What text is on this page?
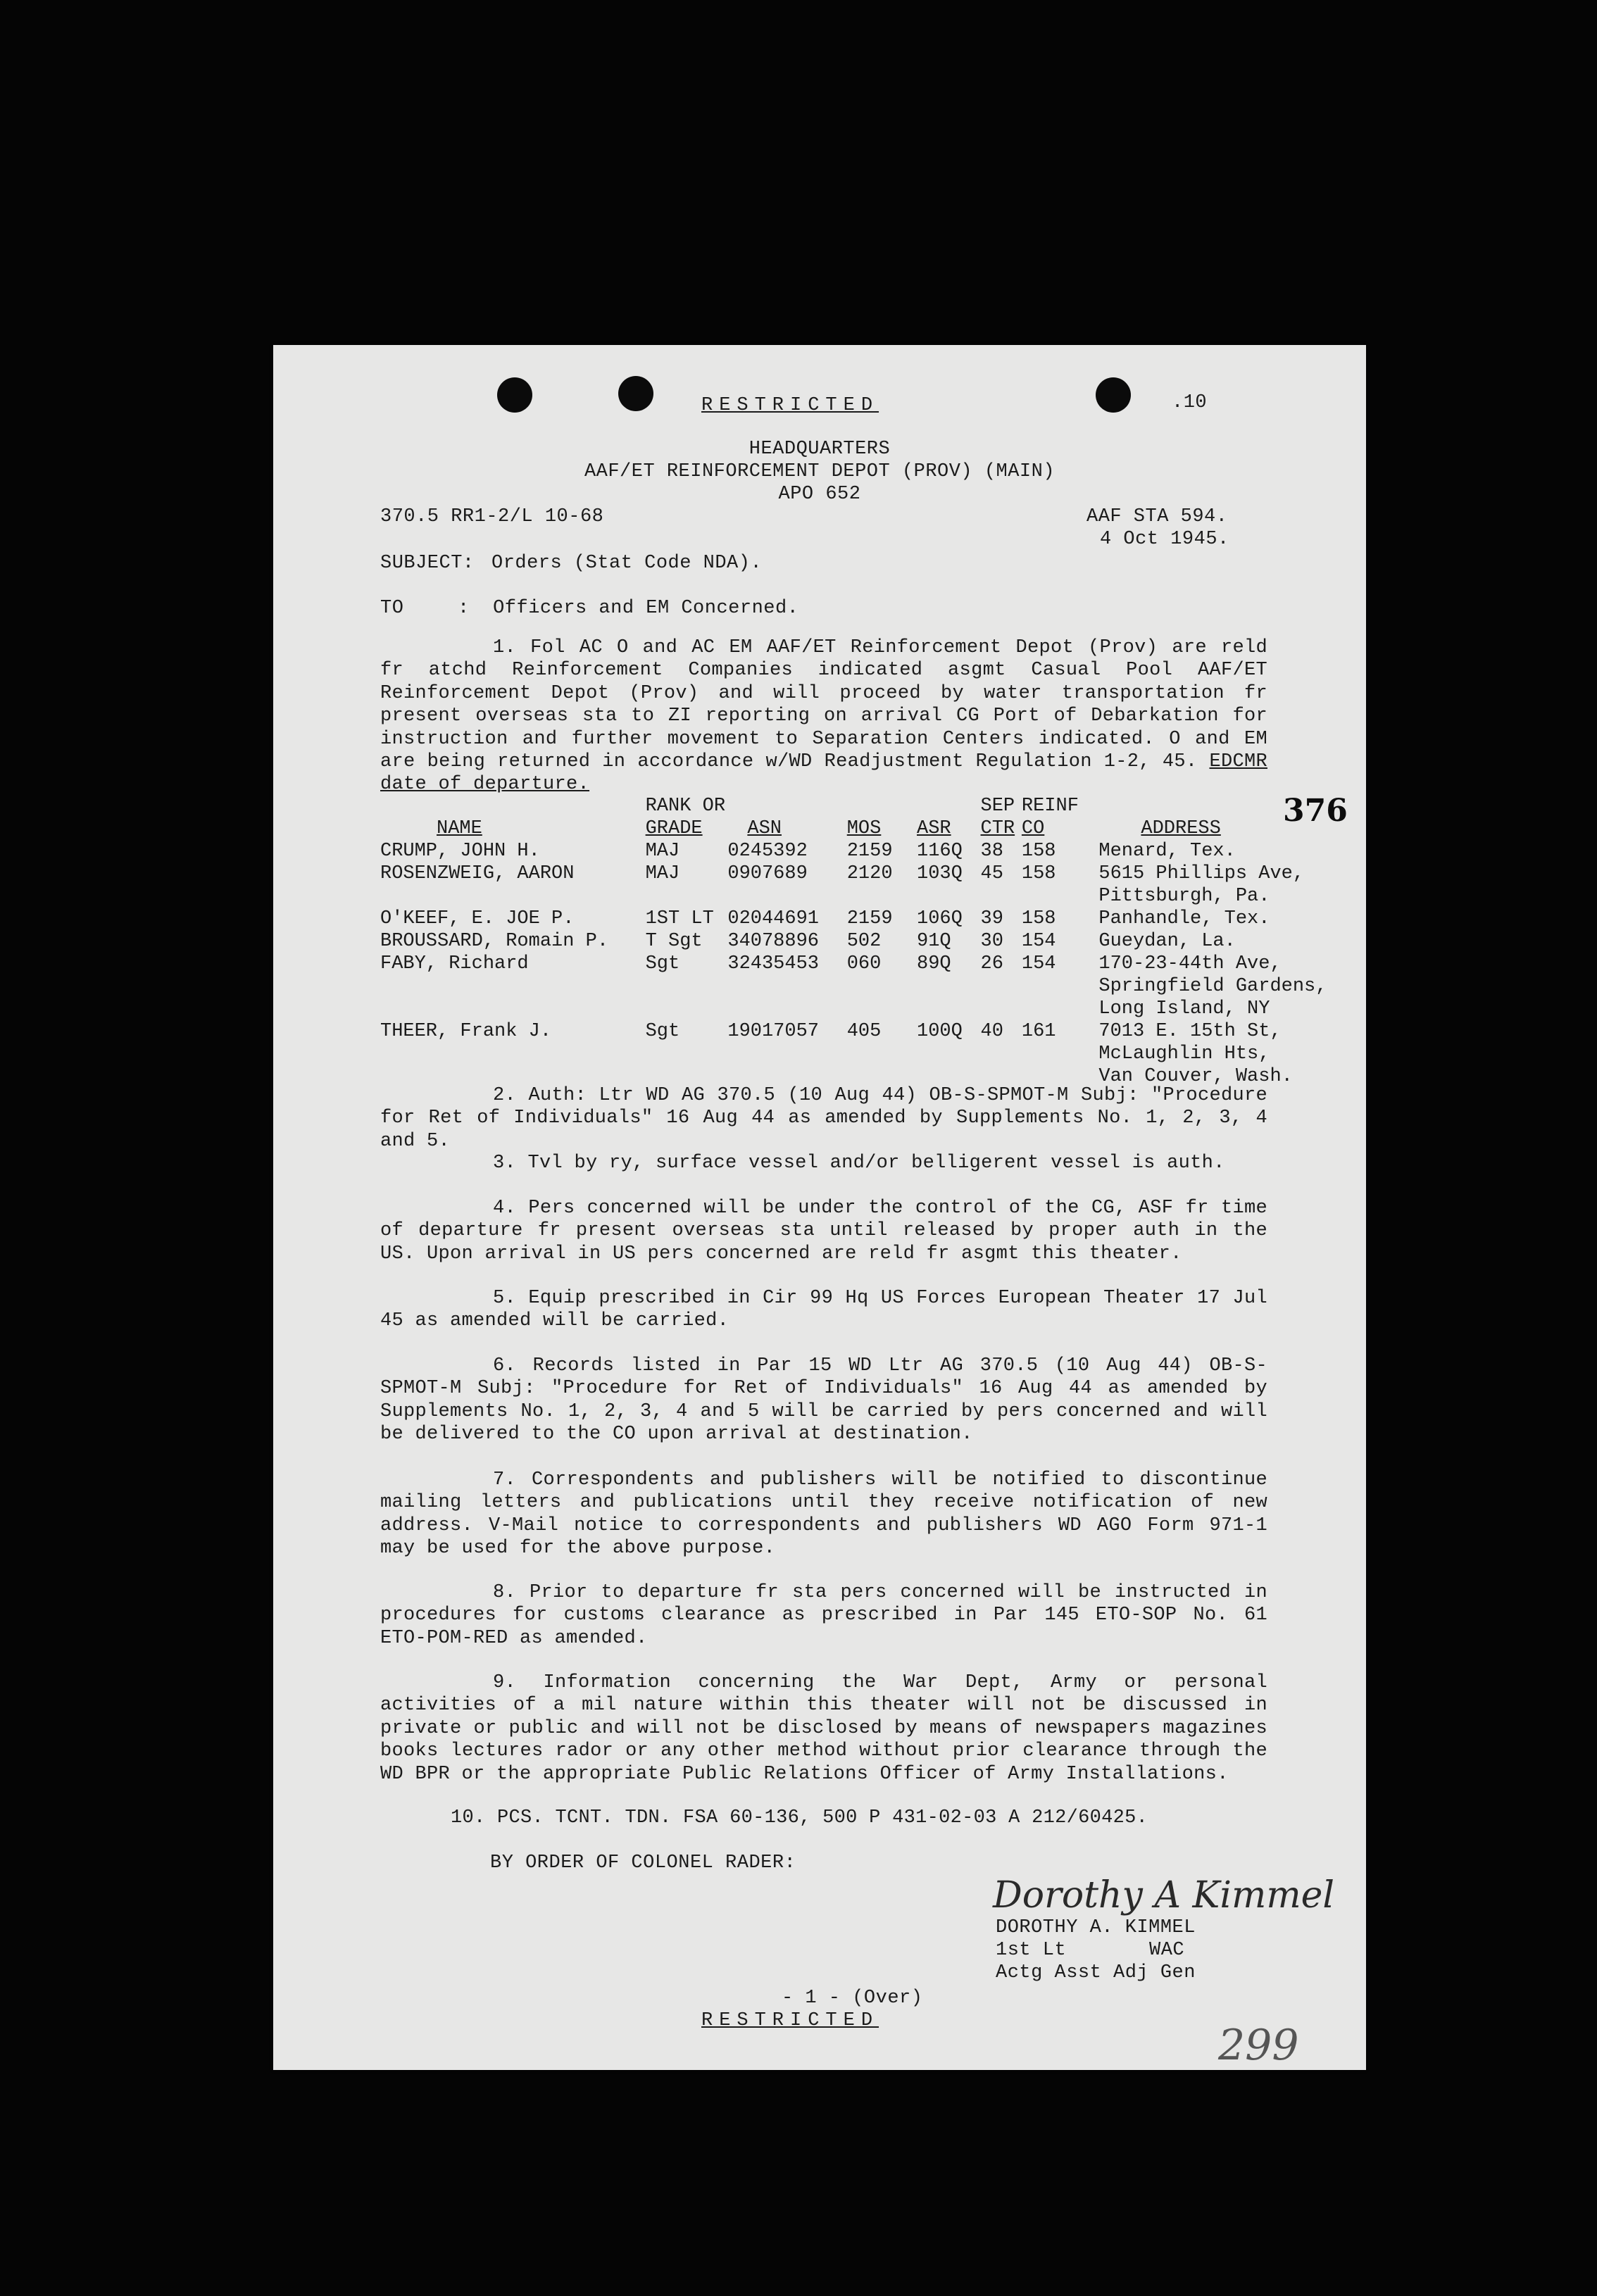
RESTRICTED	.10
HEADQUARTERS
AAF/ET REINFORCEMENT DEPOT (PROV) (MAIN)
APO 652
370.5 RR1-2/L 10-68	AAF STA 594.
4 Oct 1945.
SUBJECT: Orders (Stat Code NDA).
TO	:  Officers and EM Concerned.
1. Fol AC O and AC EM AAF/ET Reinforcement Depot (Prov) are reld fr atchd Reinforcement Companies indicated asgmt Casual Pool AAF/ET Reinforcement Depot (Prov) and will proceed by water transportation fr present overseas sta to ZI reporting on arrival CG Port of Debarkation for instruction and further movement to Separation Centers indicated. O and EM are being returned in accordance w/WD Readjustment Regulation 1-2, 45. EDCMR date of departure.
	RANK OR				SEP	REINF	
NAME	GRADE	ASN	MOS	ASR	CTR	CO	ADDRESS
CRUMP, JOHN H.	MAJ	0245392	2159	116Q	38	158	Menard, Tex.
ROSENZWEIG, AARON	MAJ	0907689	2120	103Q	45	158	5615 Phillips Ave,
							Pittsburgh, Pa.
O'KEEF, E. JOE P.	1ST LT	02044691	2159	106Q	39	158	Panhandle, Tex.
BROUSSARD, Romain P.	T Sgt	34078896	502	91Q	30	154	Gueydan, La.
FABY, Richard	Sgt	32435453	060	89Q	26	154	170-23-44th Ave,
							Springfield Gardens,
							Long Island, NY
THEER, Frank J.	Sgt	19017057	405	100Q	40	161	7013 E. 15th St,
							McLaughlin Hts,
							Van Couver, Wash.
2. Auth: Ltr WD AG 370.5 (10 Aug 44) OB-S-SPMOT-M Subj: "Procedure for Ret of Individuals" 16 Aug 44 as amended by Supplements No. 1, 2, 3, 4 and 5.
3. Tvl by ry, surface vessel and/or belligerent vessel is auth.
4. Pers concerned will be under the control of the CG, ASF fr time of departure fr present overseas sta until released by proper auth in the US. Upon arrival in US pers concerned are reld fr asgmt this theater.
5. Equip prescribed in Cir 99 Hq US Forces European Theater 17 Jul 45 as amended will be carried.
6. Records listed in Par 15 WD Ltr AG 370.5 (10 Aug 44) OB-S-SPMOT-M Subj: "Procedure for Ret of Individuals" 16 Aug 44 as amended by Supplements No. 1, 2, 3, 4 and 5 will be carried by pers concerned and will be delivered to the CO upon arrival at destination.
7. Correspondents and publishers will be notified to discontinue mailing letters and publications until they receive notification of new address. V-Mail notice to correspondents and publishers WD AGO Form 971-1 may be used for the above purpose.
8. Prior to departure fr sta pers concerned will be instructed in procedures for customs clearance as prescribed in Par 145 ETO-SOP No. 61 ETO-POM-RED as amended.
9. Information concerning the War Dept, Army or personal activities of a mil nature within this theater will not be discussed in private or public and will not be disclosed by means of newspapers magazines books lectures rador or any other method without prior clearance through the WD BPR or the appropriate Public Relations Officer of Army Installations.
10. PCS. TCNT. TDN. FSA 60-136, 500 P 431-02-03 A 212/60425.
BY ORDER OF COLONEL RADER:
Dorothy A Kimmel
DOROTHY A. KIMMEL
1st Lt	WAC
Actg Asst Adj Gen
- 1 - (Over)
RESTRICTED	299
376
